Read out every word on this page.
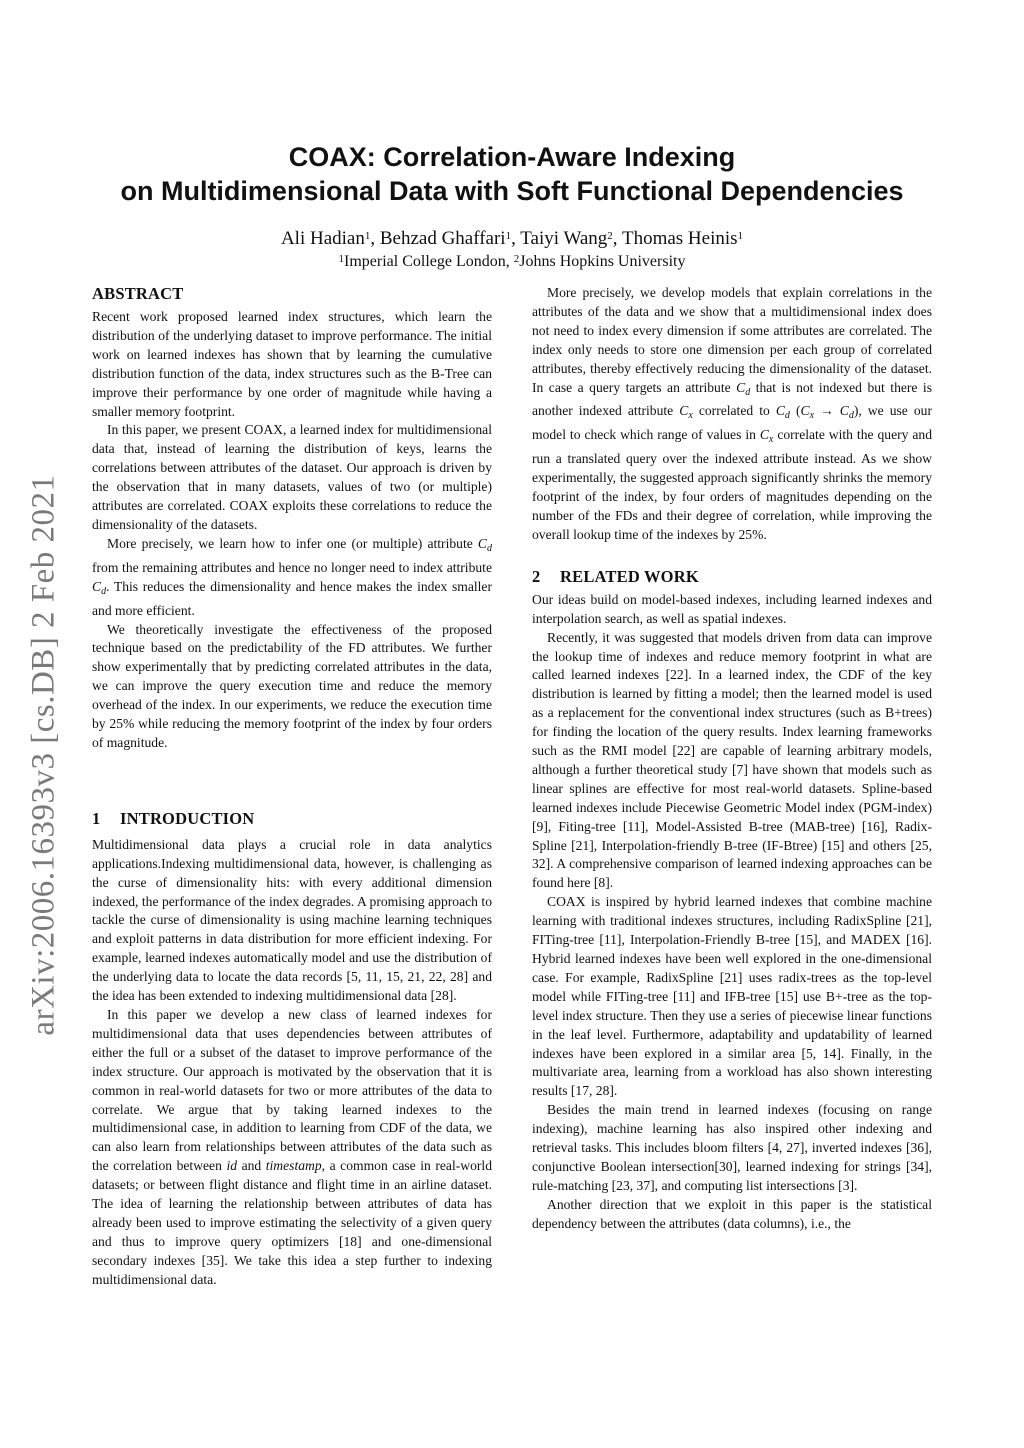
arXiv:2006.16393v3 [cs.DB] 2 Feb 2021
COAX: Correlation-Aware Indexing
on Multidimensional Data with Soft Functional Dependencies
Ali Hadian$^1$, Behzad Ghaffari$^1$, Taiyi Wang$^2$, Thomas Heinis$^1$
$^1$Imperial College London, $^2$Johns Hopkins University
ABSTRACT

Recent work proposed learned index structures, which learn the distribution of the underlying dataset to improve performance. The initial work on learned indexes has shown that by learning the cumulative distribution function of the data, index structures such as the B-Tree can improve their performance by one order of magnitude while having a smaller memory footprint.

In this paper, we present COAX, a learned index for multidimensional data that, instead of learning the distribution of keys, learns the correlations between attributes of the dataset. Our approach is driven by the observation that in many datasets, values of two (or multiple) attributes are correlated. COAX exploits these correlations to reduce the dimensionality of the datasets.

More precisely, we learn how to infer one (or multiple) attribute $C_d$ from the remaining attributes and hence no longer need to index attribute $C_d$. This reduces the dimensionality and hence makes the index smaller and more efficient.

We theoretically investigate the effectiveness of the proposed technique based on the predictability of the FD attributes. We further show experimentally that by predicting correlated attributes in the data, we can improve the query execution time and reduce the memory overhead of the index. In our experiments, we reduce the execution time by 25% while reducing the memory footprint of the index by four orders of magnitude.

1 INTRODUCTION

Multidimensional data plays a crucial role in data analytics applications.Indexing multidimensional data, however, is challenging as the curse of dimensionality hits: with every additional dimension indexed, the performance of the index degrades. A promising approach to tackle the curse of dimensionality is using machine learning techniques and exploit patterns in data distribution for more efficient indexing. For example, learned indexes automatically model and use the distribution of the underlying data to locate the data records [5, 11, 15, 21, 22, 28] and the idea has been extended to indexing multidimensional data [28].

In this paper we develop a new class of learned indexes for multidimensional data that uses dependencies between attributes of either the full or a subset of the dataset to improve performance of the index structure. Our approach is motivated by the observation that it is common in real-world datasets for two or more attributes of the data to correlate. We argue that by taking learned indexes to the multidimensional case, in addition to learning from CDF of the data, we can also learn from relationships between attributes of the data such as the correlation between id and timestamp, a common case in real-world datasets; or between flight distance and flight time in an airline dataset. The idea of learning the relationship between attributes of data has already been used to improve estimating the selectivity of a given query and thus to improve query optimizers [18] and one-dimensional secondary indexes [35]. We take this idea a step further to indexing multidimensional data.

More precisely, we develop models that explain correlations in the attributes of the data and we show that a multidimensional index does not need to index every dimension if some attributes are correlated. The index only needs to store one dimension per each group of correlated attributes, thereby effectively reducing the dimensionality of the dataset. In case a query targets an attribute $C_d$ that is not indexed but there is another indexed attribute $C_x$ correlated to $C_d$ $(C_x \to C_d)$, we use our model to check which range of values in $C_x$ correlate with the query and run a translated query over the indexed attribute instead. As we show experimentally, the suggested approach significantly shrinks the memory footprint of the index, by four orders of magnitudes depending on the number of the FDs and their degree of correlation, while improving the overall lookup time of the indexes by 25%.

2 RELATED WORK

Our ideas build on model-based indexes, including learned indexes and interpolation search, as well as spatial indexes.

Recently, it was suggested that models driven from data can improve the lookup time of indexes and reduce memory footprint in what are called learned indexes [22]. In a learned index, the CDF of the key distribution is learned by fitting a model; then the learned model is used as a replacement for the conventional index structures (such as B+trees) for finding the location of the query results. Index learning frameworks such as the RMI model [22] are capable of learning arbitrary models, although a further theoretical study [7] have shown that models such as linear splines are effective for most real-world datasets. Spline-based learned indexes include Piecewise Geometric Model index (PGM-index) [9], Fiting-tree [11], Model-Assisted B-tree (MAB-tree) [16], Radix-Spline [21], Interpolation-friendly B-tree (IF-Btree) [15] and others [25, 32]. A comprehensive comparison of learned indexing approaches can be found here [8].

COAX is inspired by hybrid learned indexes that combine machine learning with traditional indexes structures, including RadixSpline [21], FITing-tree [11], Interpolation-Friendly B-tree [15], and MADEX [16]. Hybrid learned indexes have been well explored in the one-dimensional case. For example, RadixSpline [21] uses radix-trees as the top-level model while FITing-tree [11] and IFB-tree [15] use B+-tree as the top-level index structure. Then they use a series of piecewise linear functions in the leaf level. Furthermore, adaptability and updatability of learned indexes have been explored in a similar area [5, 14]. Finally, in the multivariate area, learning from a workload has also shown interesting results [17, 28].

Besides the main trend in learned indexes (focusing on range indexing), machine learning has also inspired other indexing and retrieval tasks. This includes bloom filters [4, 27], inverted indexes [36], conjunctive Boolean intersection[30], learned indexing for strings [34], rule-matching [23, 37], and computing list intersections [3].

Another direction that we exploit in this paper is the statistical dependency between the attributes (data columns), i.e., the
